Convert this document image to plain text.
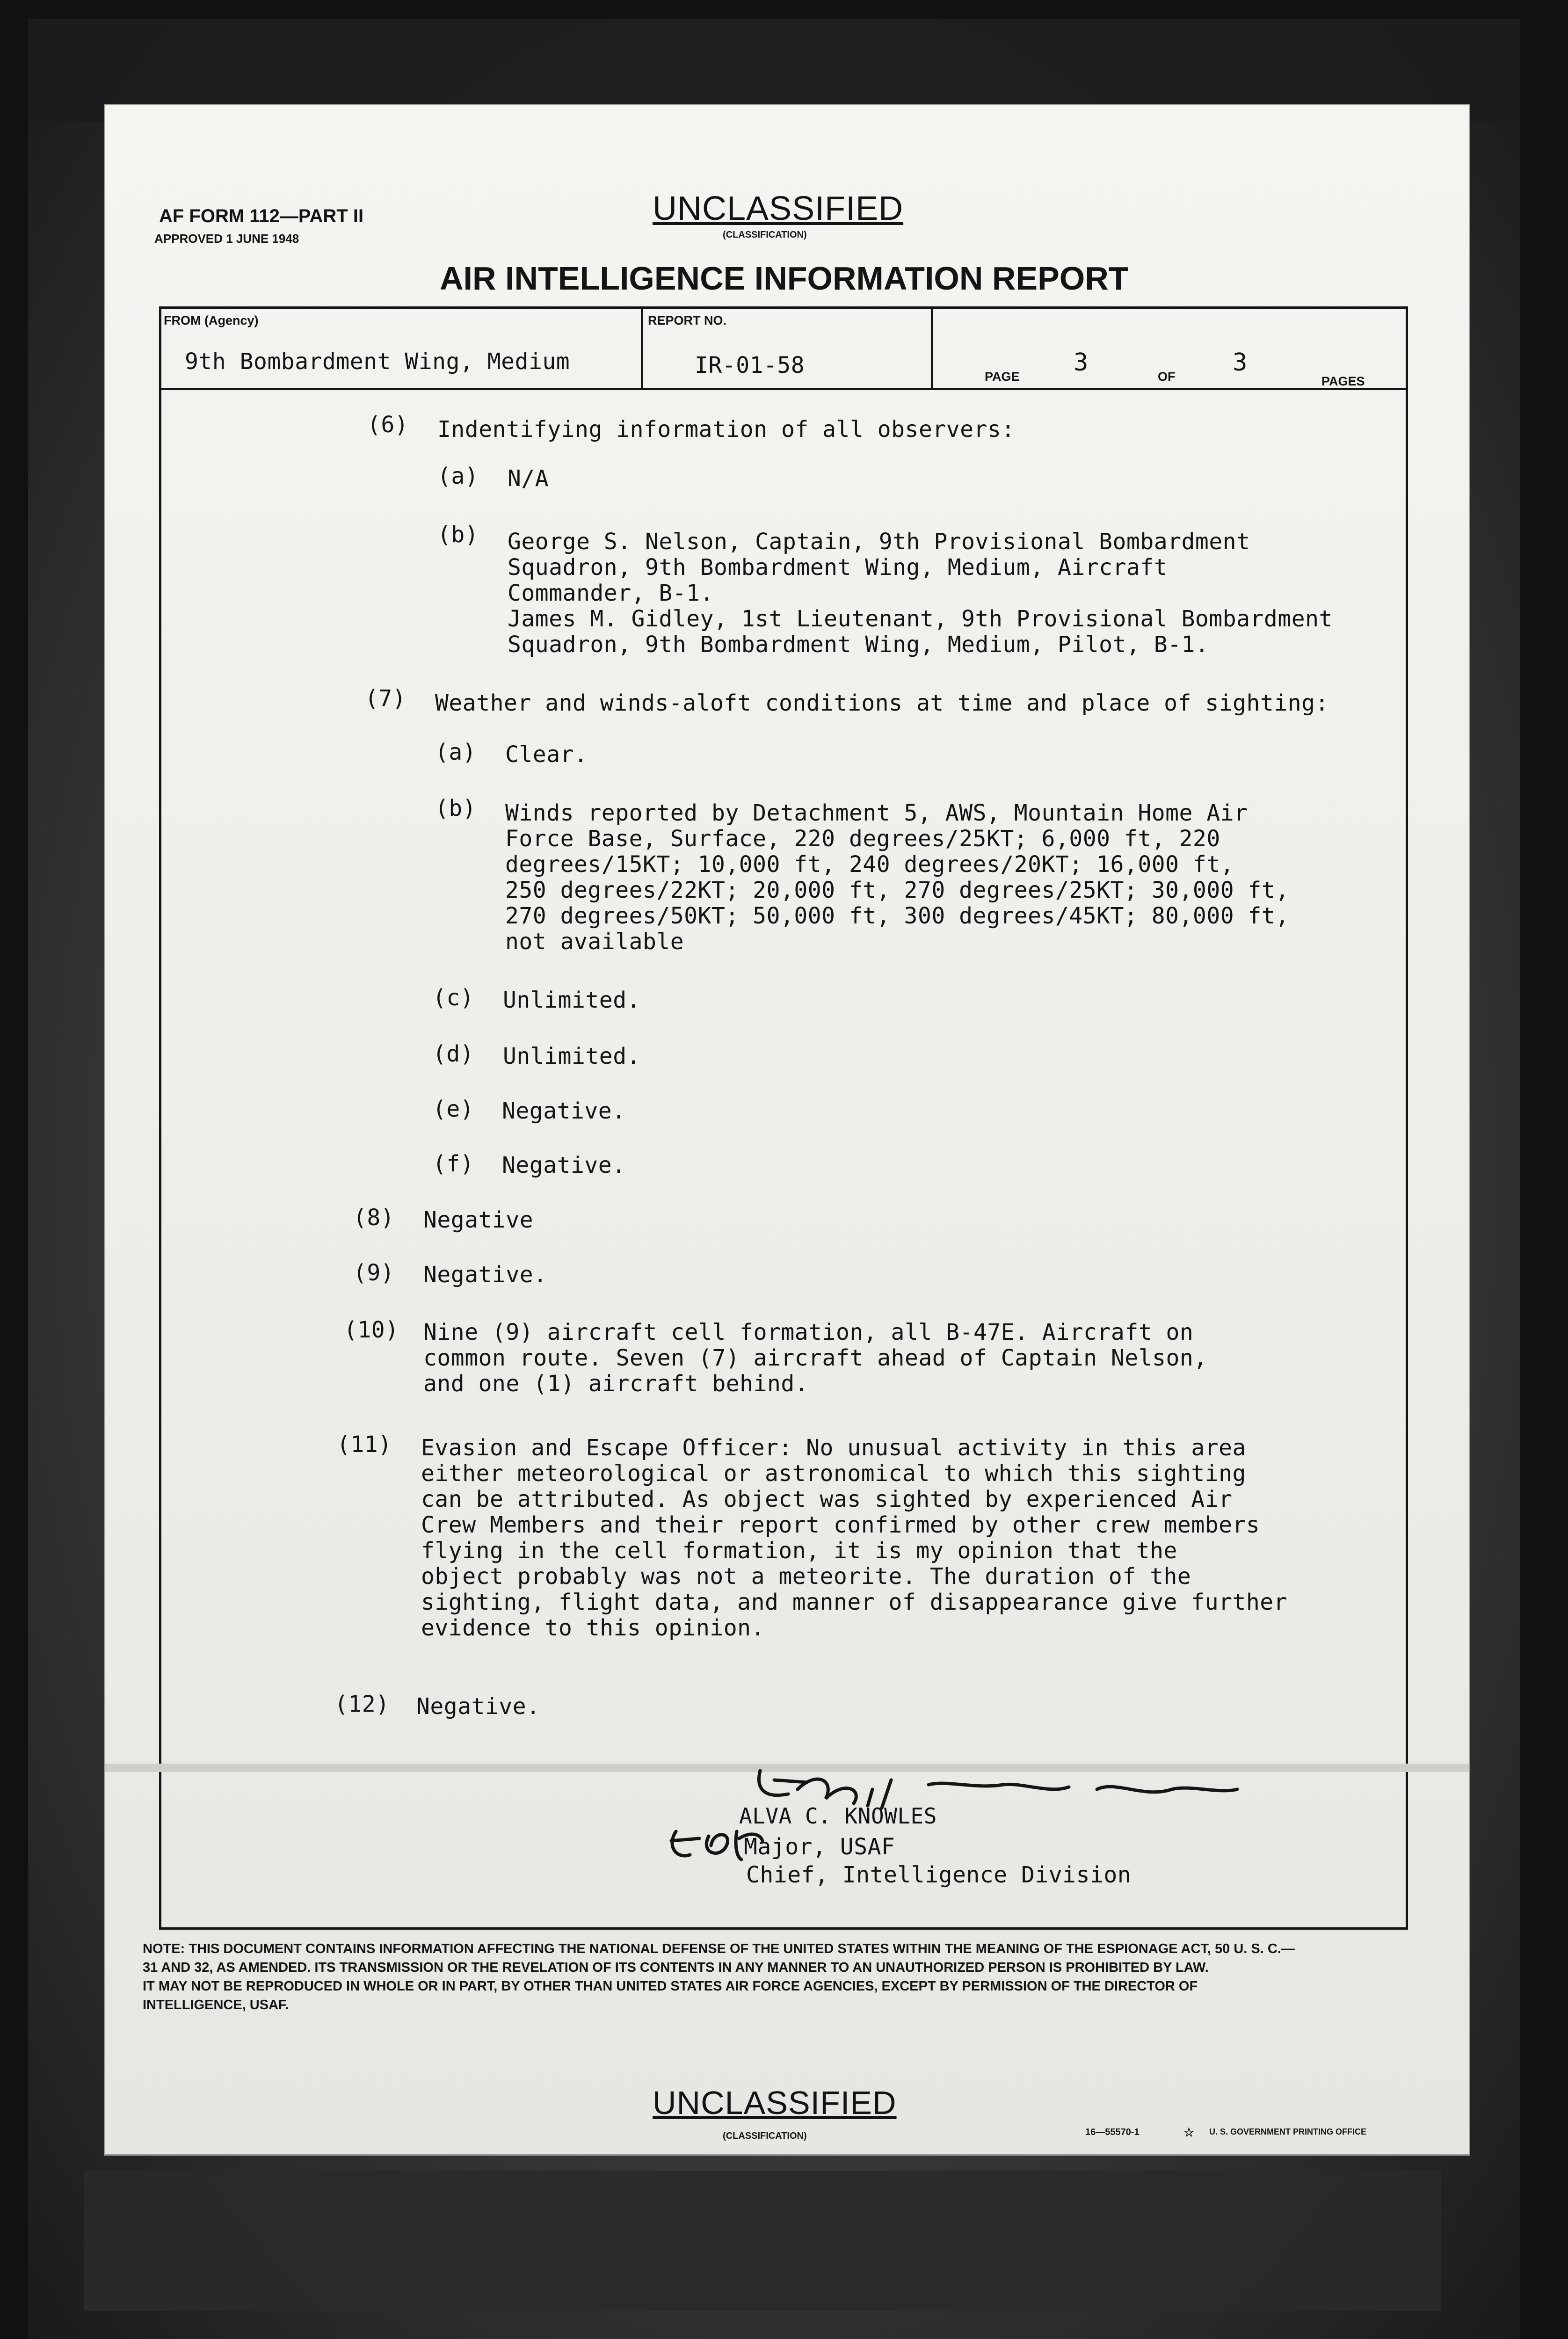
AF FORM 112—PART II
APPROVED 1 JUNE 1948
UNCLASSIFIED
(CLASSIFICATION)
AIR INTELLIGENCE INFORMATION REPORT
FROM (Agency)
9th Bombardment Wing, Medium
REPORT NO.
IR-01-58	PAGE 3	OF 3
PAGES
(6) Indentifying information of all observers:
(a) N/A
(b) George S. Nelson, Captain, 9th Provisional Bombardment
Squadron, 9th Bombardment Wing, Medium, Aircraft
Commander, B-1.
James M. Gidley, 1st Lieutenant, 9th Provisional Bombardment
Squadron, 9th Bombardment Wing, Medium, Pilot, B-1.
(7) Weather and winds-aloft conditions at time and place of sighting:
(a) Clear.
(b) Winds reported by Detachment 5, AWS, Mountain Home Air
Force Base, Surface, 220 degrees/25KT; 6,000 ft, 220
degrees/15KT; 10,000 ft, 240 degrees/20KT; 16,000 ft,
250 degrees/22KT; 20,000 ft, 270 degrees/25KT; 30,000 ft,
270 degrees/50KT; 50,000 ft, 300 degrees/45KT; 80,000 ft,
not available
(c) Unlimited.
(d) Unlimited.
(e) Negative.
(f) Negative.
(8) Negative
(9) Negative.
(10) Nine (9) aircraft cell formation, all B-47E. Aircraft on
common route. Seven (7) aircraft ahead of Captain Nelson,
and one (1) aircraft behind.
(11) Evasion and Escape Officer: No unusual activity in this area
either meteorological or astronomical to which this sighting
can be attributed. As object was sighted by experienced Air
Crew Members and their report confirmed by other crew members
flying in the cell formation, it is my opinion that the
object probably was not a meteorite. The duration of the
sighting, flight data, and manner of disappearance give further
evidence to this opinion.
(12) Negative.
ALVA C. KNOWLES
Major, USAF
Chief, Intelligence Division
NOTE: THIS DOCUMENT CONTAINS INFORMATION AFFECTING THE NATIONAL DEFENSE OF THE UNITED STATES WITHIN THE MEANING OF THE ESPIONAGE ACT, 50 U. S. C.—
31 AND 32, AS AMENDED. ITS TRANSMISSION OR THE REVELATION OF ITS CONTENTS IN ANY MANNER TO AN UNAUTHORIZED PERSON IS PROHIBITED BY LAW.
IT MAY NOT BE REPRODUCED IN WHOLE OR IN PART, BY OTHER THAN UNITED STATES AIR FORCE AGENCIES, EXCEPT BY PERMISSION OF THE DIRECTOR OF
INTELLIGENCE, USAF.
UNCLASSIFIED
(CLASSIFICATION)	16—55570-1	☆ U. S. GOVERNMENT PRINTING OFFICE
